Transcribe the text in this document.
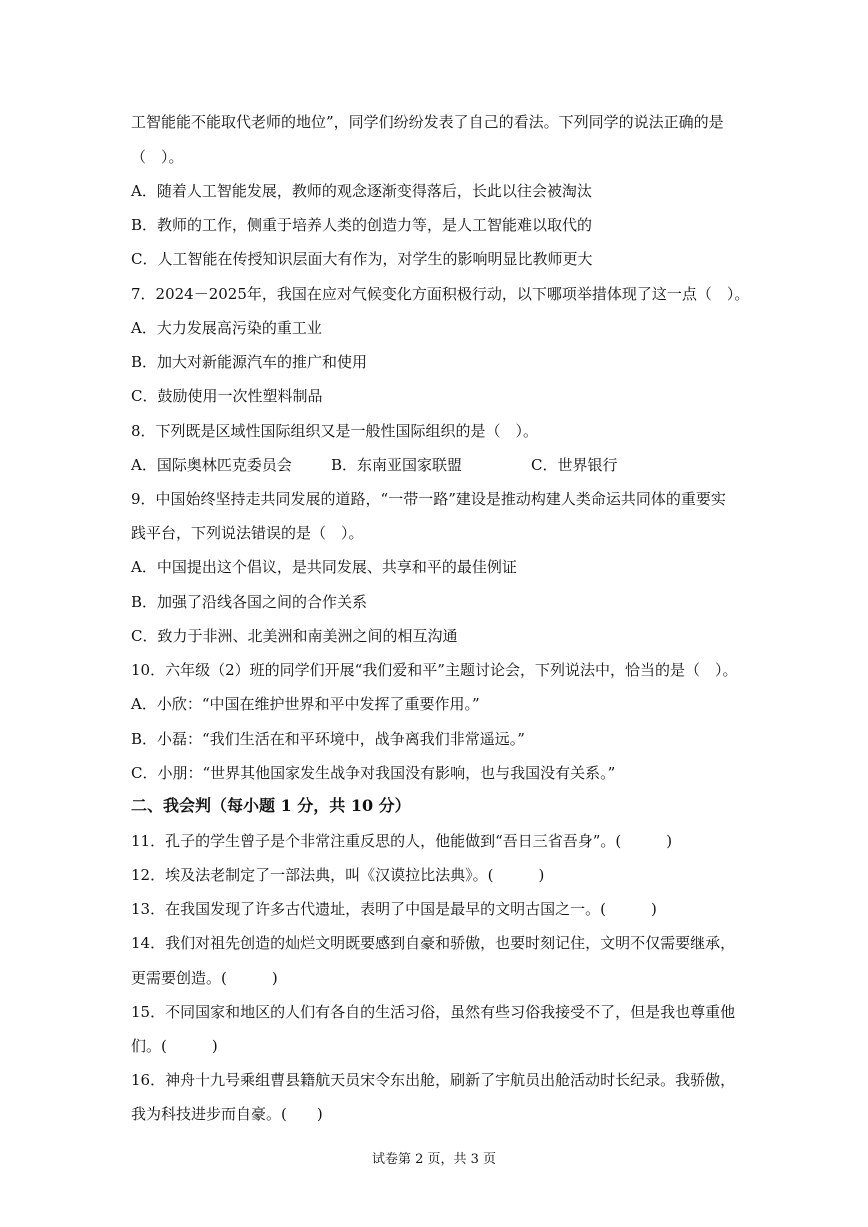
工智能能不能取代老师的地位”，同学们纷纷发表了自己的看法。下列同学的说法正确的是

（　）。

A．随着人工智能发展，教师的观念逐渐变得落后，长此以往会被淘汰

B．教师的工作，侧重于培养人类的创造力等，是人工智能难以取代的

C．人工智能在传授知识层面大有作为，对学生的影响明显比教师更大

7．2024－2025年，我国在应对气候变化方面积极行动，以下哪项举措体现了这一点（　）。

A．大力发展高污染的重工业

B．加大对新能源汽车的推广和使用

C．鼓励使用一次性塑料制品

8．下列既是区域性国际组织又是一般性国际组织的是（　）。

A．国际奥林匹克委员会	B．东南亚国家联盟	C．世界银行

9．中国始终坚持走共同发展的道路，“一带一路”建设是推动构建人类命运共同体的重要实

践平台，下列说法错误的是（　）。

A．中国提出这个倡议，是共同发展、共享和平的最佳例证

B．加强了沿线各国之间的合作关系

C．致力于非洲、北美洲和南美洲之间的相互沟通

10．六年级（2）班的同学们开展“我们爱和平”主题讨论会，下列说法中，恰当的是（　）。

A．小欣：“中国在维护世界和平中发挥了重要作用。”

B．小磊：“我们生活在和平环境中，战争离我们非常遥远。”

C．小朋：“世界其他国家发生战争对我国没有影响，也与我国没有关系。”

二、我会判（每小题 1 分，共 10 分）

11．孔子的学生曾子是个非常注重反思的人，他能做到“吾日三省吾身”。(　　　)

12．埃及法老制定了一部法典，叫《汉谟拉比法典》。(　　　)

13．在我国发现了许多古代遗址，表明了中国是最早的文明古国之一。(　　　)

14．我们对祖先创造的灿烂文明既要感到自豪和骄傲，也要时刻记住，文明不仅需要继承，

更需要创造。(　　　)

15．不同国家和地区的人们有各自的生活习俗，虽然有些习俗我接受不了，但是我也尊重他

们。(　　　)

16．神舟十九号乘组曹县籍航天员宋令东出舱，刷新了宇航员出舱活动时长纪录。我骄傲，

我为科技进步而自豪。(　　)

试卷第 2 页，共 3 页
